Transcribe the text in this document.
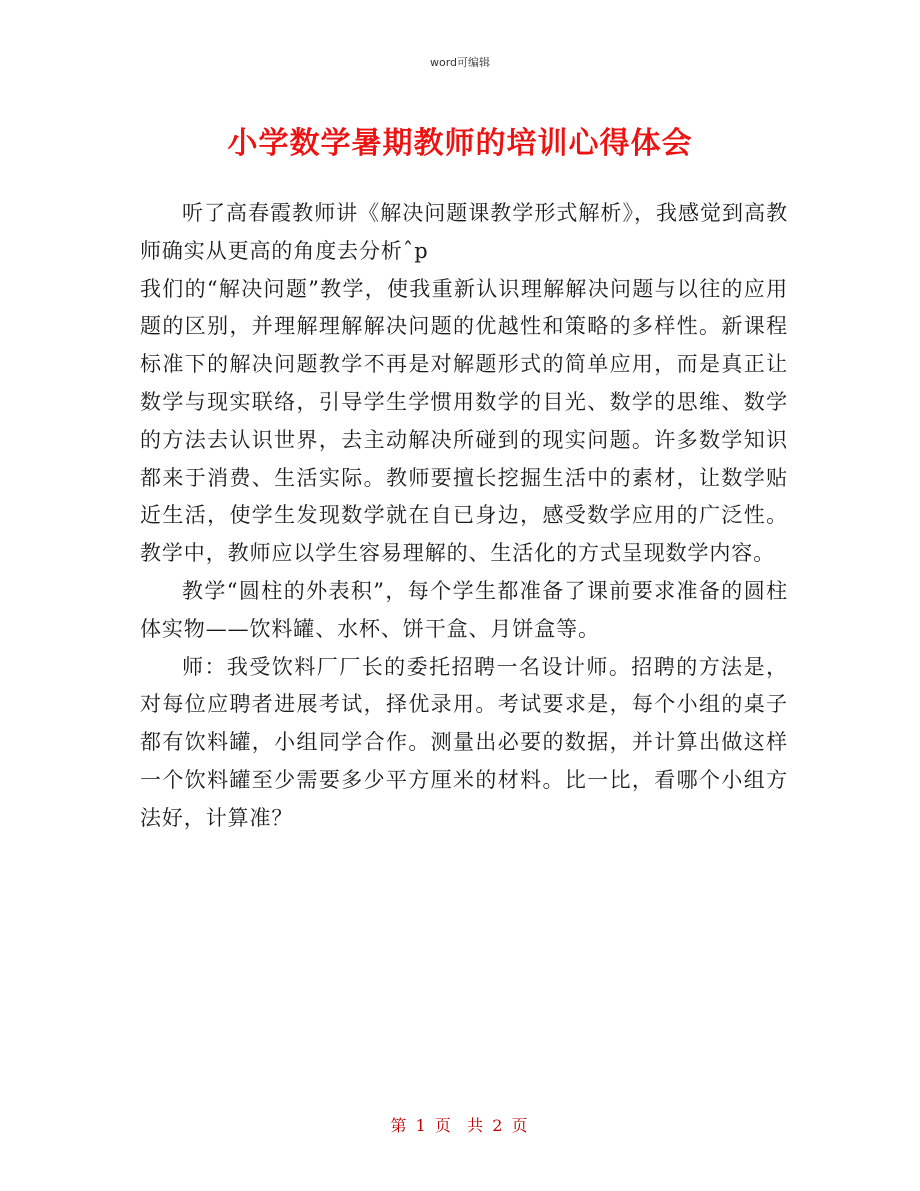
word可编辑
小学数学暑期教师的培训心得体会

听了高春霞教师讲《解决问题课教学形式解析》，我感觉到高教师确实从更高的角度去分析ˆp

我们的“解决问题”教学，使我重新认识理解解决问题与以往的应用题的区别，并理解理解解决问题的优越性和策略的多样性。新课程标准下的解决问题教学不再是对解题形式的简单应用，而是真正让数学与现实联络，引导学生学惯用数学的目光、数学的思维、数学的方法去认识世界，去主动解决所碰到的现实问题。许多数学知识都来于消费、生活实际。教师要擅长挖掘生活中的素材，让数学贴近生活，使学生发现数学就在自已身边，感受数学应用的广泛性。教学中，教师应以学生容易理解的、生活化的方式呈现数学内容。

教学“圆柱的外表积”，每个学生都准备了课前要求准备的圆柱体实物——饮料罐、水杯、饼干盒、月饼盒等。

师：我受饮料厂厂长的委托招聘一名设计师。招聘的方法是，对每位应聘者进展考试，择优录用。考试要求是，每个小组的桌子都有饮料罐，小组同学合作。测量出必要的数据，并计算出做这样一个饮料罐至少需要多少平方厘米的材料。比一比，看哪个小组方法好，计算准？

第 1 页  共 2 页
